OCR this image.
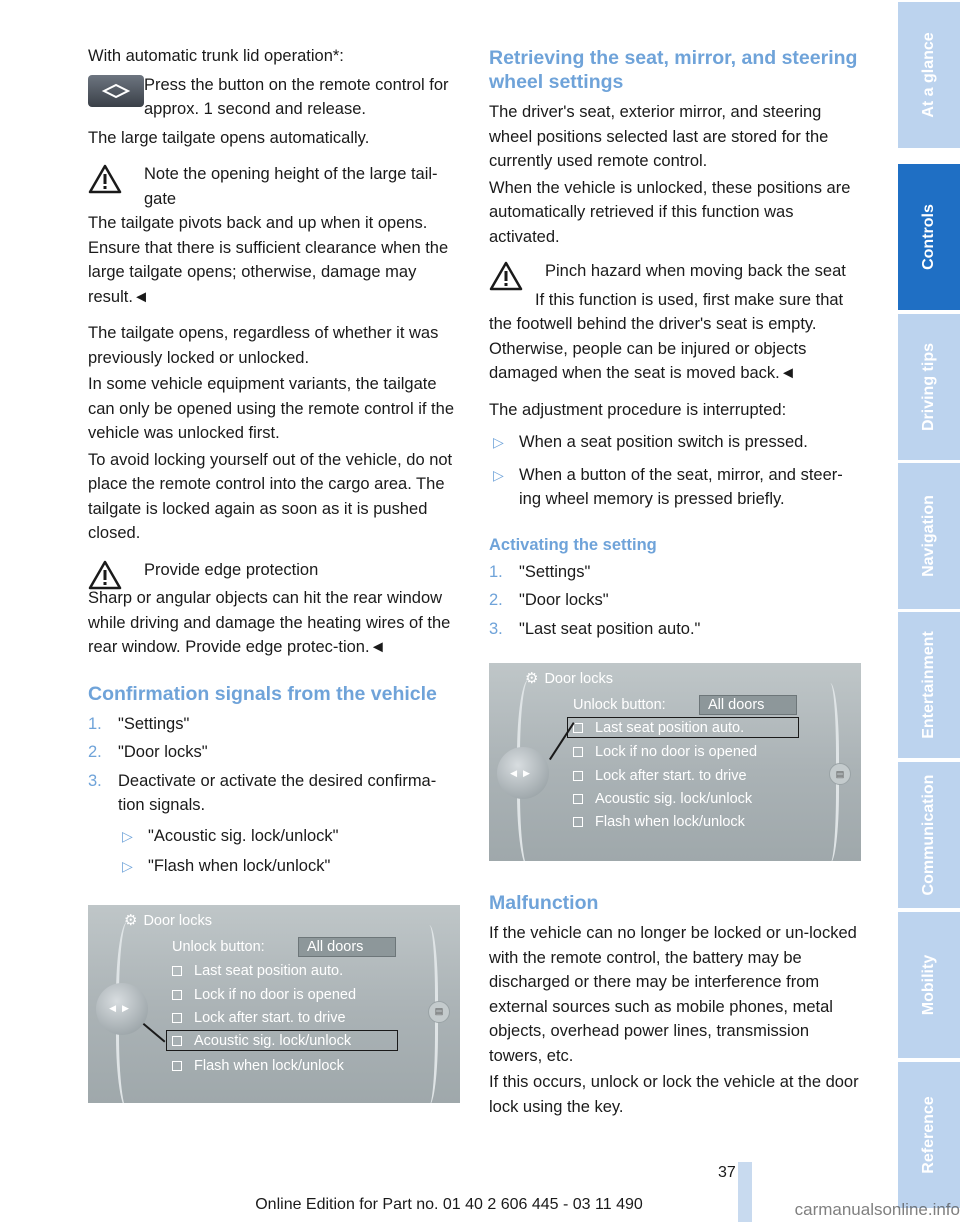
With automatic trunk lid operation*:

Press the button on the remote control for approx. 1 second and release.

The large tailgate opens automatically.

Note the opening height of the large tail-gate

The tailgate pivots back and up when it opens. Ensure that there is sufficient clearance when the large tailgate opens; otherwise, damage may result.◄

The tailgate opens, regardless of whether it was previously locked or unlocked.

In some vehicle equipment variants, the tailgate can only be opened using the remote control if the vehicle was unlocked first.

To avoid locking yourself out of the vehicle, do not place the remote control into the cargo area. The tailgate is locked again as soon as it is pushed closed.

Provide edge protection

Sharp or angular objects can hit the rear window while driving and damage the heating wires of the rear window. Provide edge protec-tion.◄

Confirmation signals from the vehicle
1. "Settings"
2. "Door locks"
3. Deactivate or activate the desired confirma-tion signals.
▷ "Acoustic sig. lock/unlock"
▷ "Flash when lock/unlock"
⚙ Door locks
◀▶	▤
Unlock button:	All doors
Last seat position auto.
Lock if no door is opened
Lock after start. to drive
Acoustic sig. lock/unlock
Flash when lock/unlock
Retrieving the seat, mirror, and steering wheel settings

The driver's seat, exterior mirror, and steering wheel positions selected last are stored for the currently used remote control.

When the vehicle is unlocked, these positions are automatically retrieved if this function was activated.

Pinch hazard when moving back the seat

If this function is used, first make sure that the footwell behind the driver's seat is empty. Otherwise, people can be injured or objects damaged when the seat is moved back.◄

The adjustment procedure is interrupted:

▷ When a seat position switch is pressed.
▷ When a button of the seat, mirror, and steer-ing wheel memory is pressed briefly.
Activating the setting
1. "Settings"
2. "Door locks"
3. "Last seat position auto."
⚙ Door locks
◀▶	▤
Unlock button:	All doors
Last seat position auto.
Lock if no door is opened
Lock after start. to drive
Acoustic sig. lock/unlock
Flash when lock/unlock
Malfunction

If the vehicle can no longer be locked or un-locked with the remote control, the battery may be discharged or there may be interference from external sources such as mobile phones, metal objects, overhead power lines, transmission towers, etc.

If this occurs, unlock or lock the vehicle at the door lock using the key.

At a glance
Controls
Driving tips
Navigation
Entertainment
Communication
Mobility
Reference
37
Online Edition for Part no. 01 40 2 606 445 - 03 11 490	carmanualsonline.info
